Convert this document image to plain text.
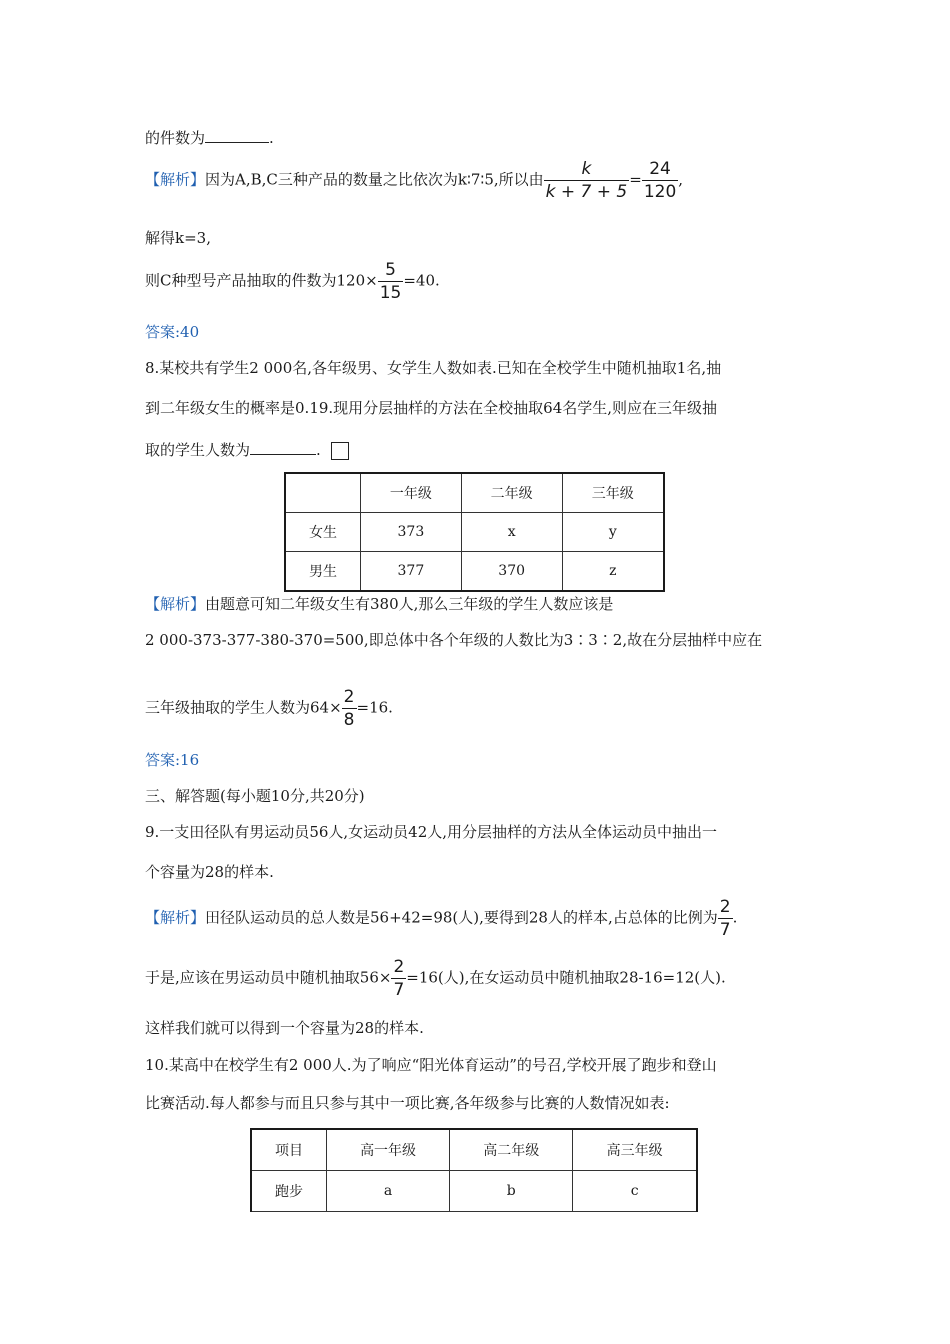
的件数为	.
【解析】因为A,B,C三种产品的数量之比依次为k∶7∶5,所以由 $\frac{k}{k + 7 + 5} = \frac{24}{120}$ ,
解得k=3,
则C种型号产品抽取的件数为$120\times \frac{5}{15} =40$.
答案:40
8.某校共有学生2 000名,各年级男、女学生人数如表.已知在全校学生中随机抽取1名,抽
到二年级女生的概率是0.19.现用分层抽样的方法在全校抽取64名学生,则应在三年级抽
取的学生人数为	.
	一年级	二年级	三年级
女生	373	x	y
男生	377	370	z
【解析】由题意可知二年级女生有380人,那么三年级的学生人数应该是
2 000-373-377-380-370=500,即总体中各个年级的人数比为3∶3∶2,故在分层抽样中应在
三年级抽取的学生人数为$64\times \frac{2}{8} =16$.
答案:16
三、解答题(每小题10分,共20分)
9.一支田径队有男运动员56人,女运动员42人,用分层抽样的方法从全体运动员中抽出一
个容量为28的样本.
【解析】田径队运动员的总人数是56+42=98(人),要得到28人的样本,占总体的比例为 $\frac{2}{7}$ .
于是,应该在男运动员中随机抽取$56\times \frac{2}{7} =16$(人),在女运动员中随机抽取28-16=12(人).
这样我们就可以得到一个容量为28的样本.
10.某高中在校学生有2 000人.为了响应“阳光体育运动”的号召,学校开展了跑步和登山
比赛活动.每人都参与而且只参与其中一项比赛,各年级参与比赛的人数情况如表:
项目	高一年级	高二年级	高三年级
跑步	a	b	c
